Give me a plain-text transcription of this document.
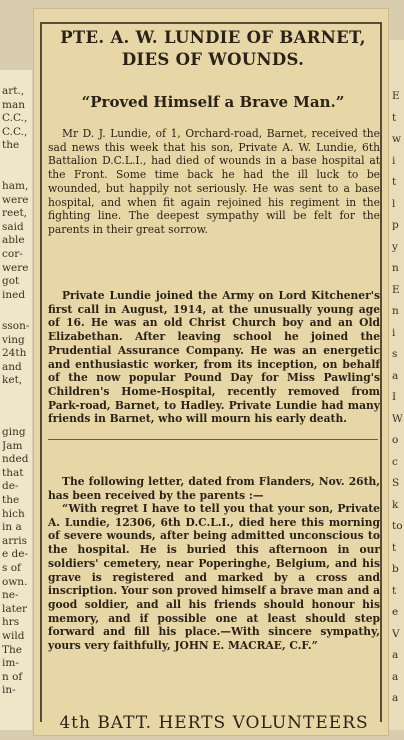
art.,
man
C.C.,
C.C.,
the
ham,
were
reet,
said
able
cor-
were
got
ined
sson-
ving
24th
and
ket,
ging
Jam
nded
that
de-
the
hich
in a
arris
e de-
s of
own.
ne-
later
hrs
wild
The
im-
n of
in-
E
t
w
i
t
l
p
y
n
E
n
i
s
a
I
W
o
c
S
k
to
t
b
t
e
V
a
a
a
PTE. A. W. LUNDIE OF BARNET, DIES OF WOUNDS.
“Proved Himself a Brave Man.”
Mr D. J. Lundie, of 1, Orchard-road, Barnet, received the sad news this week that his son, Private A. W. Lundie, 6th Battalion D.C.L.I., had died of wounds in a base hospital at the Front. Some time back he had the ill luck to be wounded, but happily not seriously. He was sent to a base hospital, and when fit again rejoined his regiment in the fighting line. The deepest sympathy will be felt for the parents in their great sorrow.
Private Lundie joined the Army on Lord Kitchener's first call in August, 1914, at the unusually young age of 16. He was an old Christ Church boy and an Old Elizabethan. After leaving school he joined the Prudential Assurance Company. He was an energetic and enthusiastic worker, from its inception, on behalf of the now popular Pound Day for Miss Pawling's Children's Home-Hospital, recently removed from Park-road, Barnet, to Hadley. Private Lundie had many friends in Barnet, who will mourn his early death.
The following letter, dated from Flanders, Nov. 26th, has been received by the parents :—
“With regret I have to tell you that your son, Private A. Lundie, 12306, 6th D.C.L.I., died here this morning of severe wounds, after being admitted unconscious to the hospital. He is buried this afternoon in our soldiers' cemetery, near Poperinghe, Belgium, and his grave is registered and marked by a cross and inscription. Your son proved himself a brave man and a good soldier, and all his friends should honour his memory, and if possible one at least should step forward and fill his place.—With sincere sympathy, yours very faithfully, JOHN E. MACRAE, C.F.”
4th BATT. HERTS VOLUNTEERS
